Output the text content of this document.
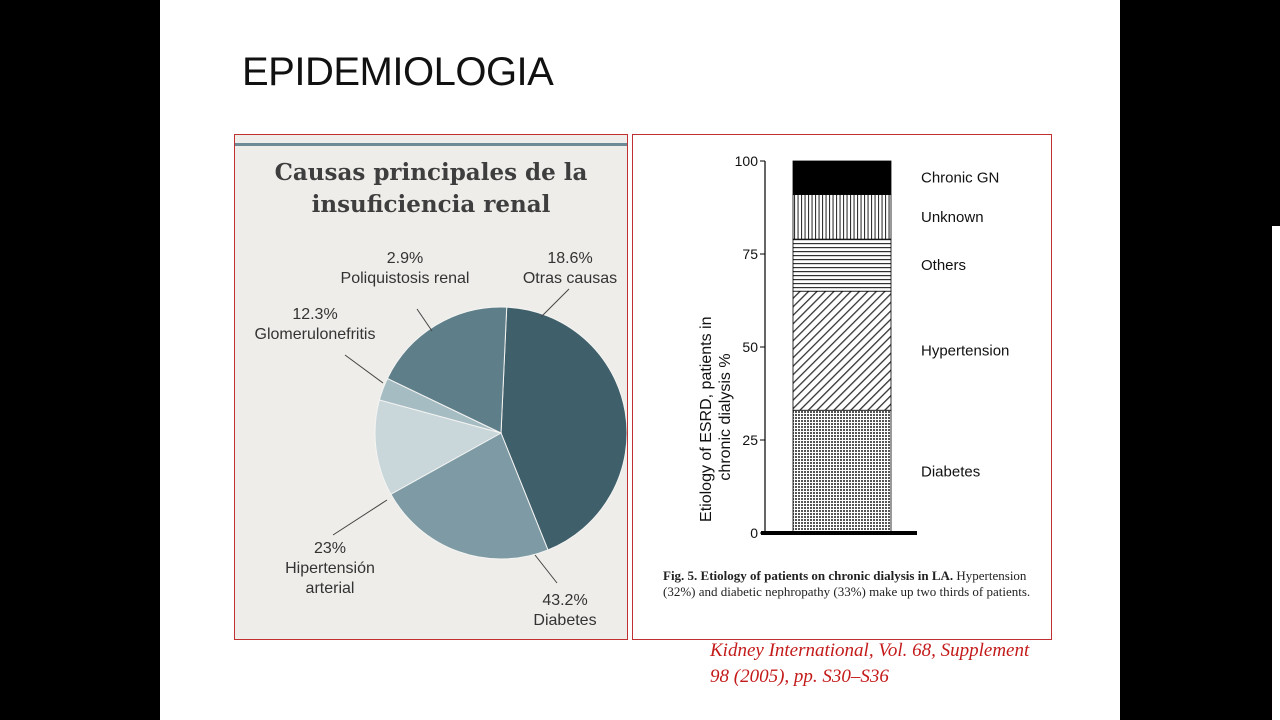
EPIDEMIOLOGIA
Causas principales de la
insuficiencia renal
2.9%
Poliquistosis renal
18.6%
Otras causas
12.3%
Glomerulonefritis
23%
Hipertensión arterial
43.2%
Diabetes
Etiology of ESRD, patients in chronic dialysis %
0
25
50
75
100
Diabetes
Hypertension
Others
Unknown
Chronic GN
Fig. 5. Etiology of patients on chronic dialysis in LA. Hypertension (32%) and diabetic nephropathy (33%) make up two thirds of patients.
Kidney International, Vol. 68, Supplement
98 (2005), pp. S30–S36
